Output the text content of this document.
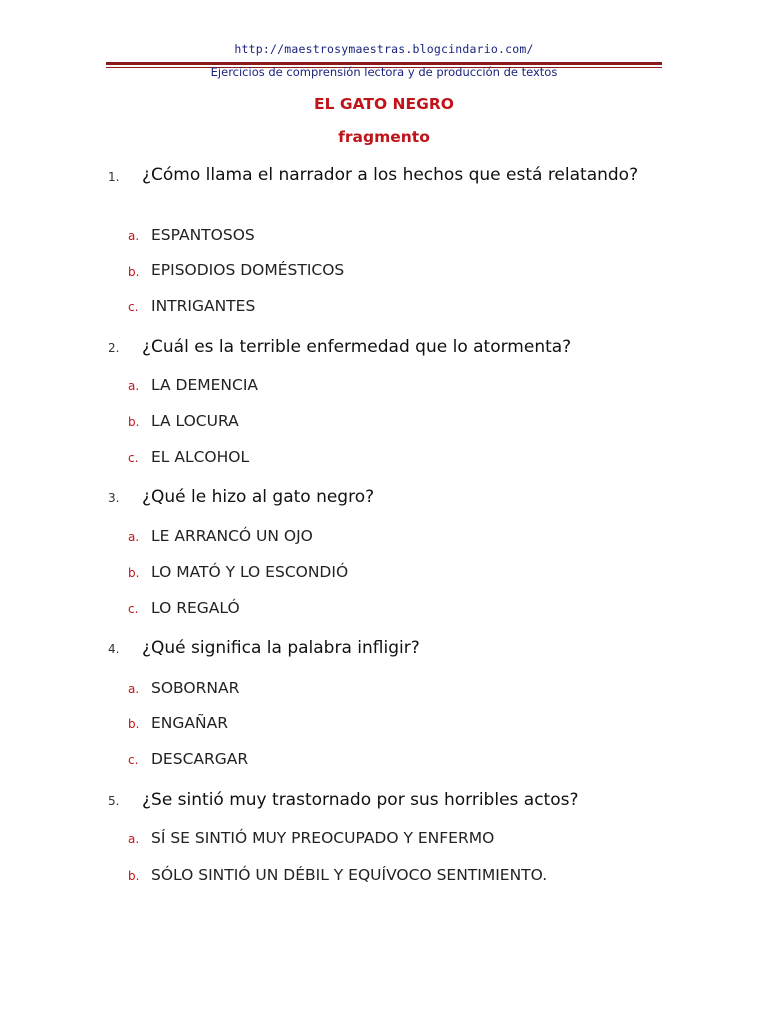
http://maestrosymaestras.blogcindario.com/
Ejercicios de comprensión lectora y de producción de textos
EL GATO NEGRO
fragmento
1. ¿Cómo llama el narrador a los hechos que está relatando?
a. ESPANTOSOS
b. EPISODIOS DOMÉSTICOS
c. INTRIGANTES
2. ¿Cuál es la terrible enfermedad que lo atormenta?
a. LA DEMENCIA
b. LA LOCURA
c. EL ALCOHOL
3. ¿Qué le hizo al gato negro?
a. LE ARRANCÓ UN OJO
b. LO MATÓ Y LO ESCONDIÓ
c. LO REGALÓ
4. ¿Qué significa la palabra infligir?
a. SOBORNAR
b. ENGAÑAR
c. DESCARGAR
5. ¿Se sintió muy trastornado por sus horribles actos?
a. SÍ SE SINTIÓ MUY PREOCUPADO Y ENFERMO
b. SÓLO SINTIÓ UN DÉBIL Y EQUÍVOCO SENTIMIENTO.
